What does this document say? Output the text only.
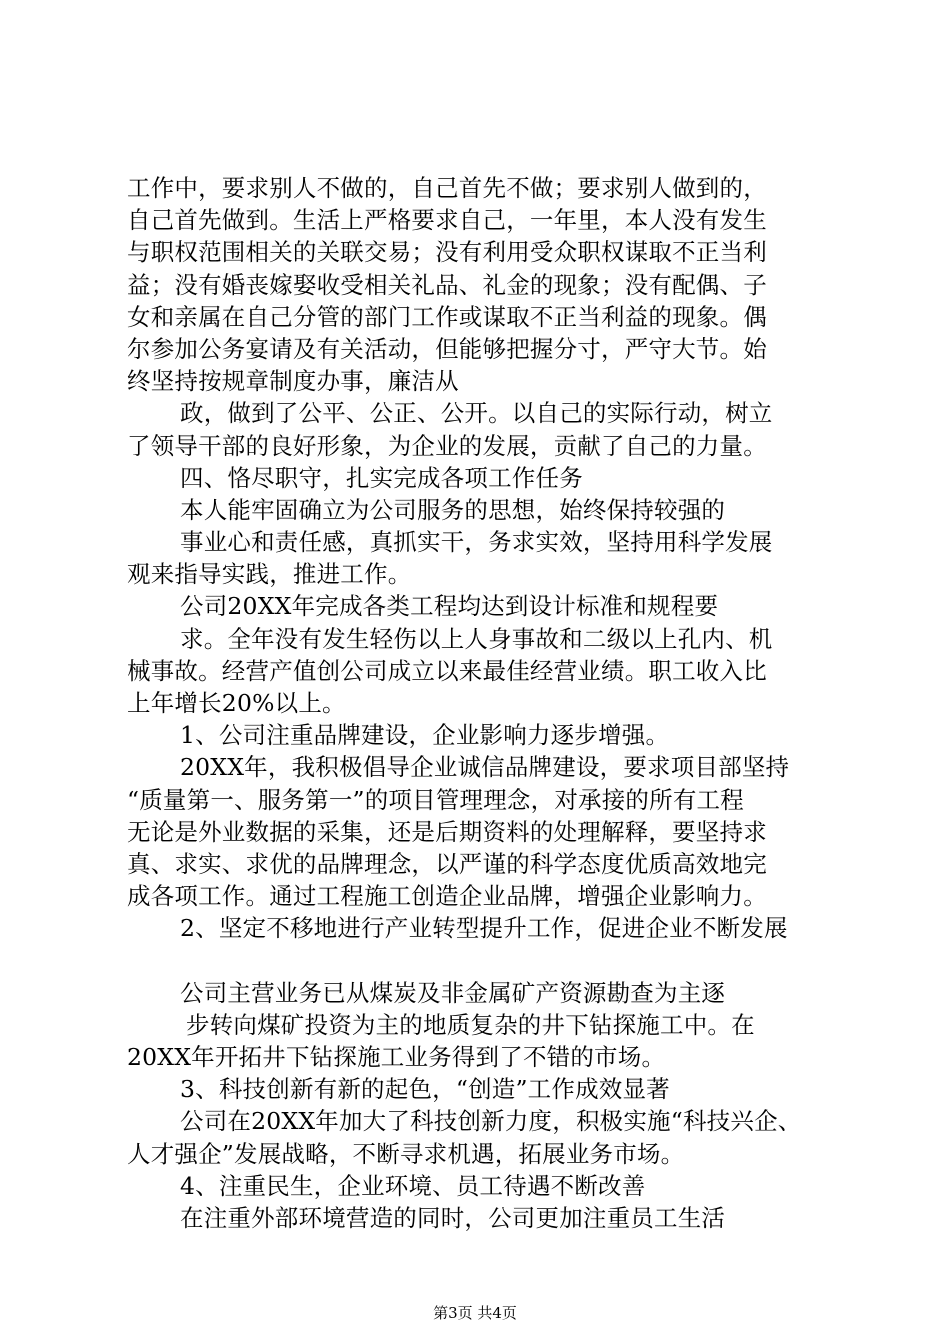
工作中，要求别人不做的，自己首先不做；要求别人做到的，
自己首先做到。生活上严格要求自己，一年里，本人没有发生
与职权范围相关的关联交易；没有利用受众职权谋取不正当利
益；没有婚丧嫁娶收受相关礼品、礼金的现象；没有配偶、子
女和亲属在自己分管的部门工作或谋取不正当利益的现象。偶
尔参加公务宴请及有关活动，但能够把握分寸，严守大节。始
终坚持按规章制度办事，廉洁从
政，做到了公平、公正、公开。以自己的实际行动，树立
了领导干部的良好形象，为企业的发展，贡献了自己的力量。
四、恪尽职守，扎实完成各项工作任务
本人能牢固确立为公司服务的思想，始终保持较强的
事业心和责任感，真抓实干，务求实效，坚持用科学发展
观来指导实践，推进工作。
公司20XX年完成各类工程均达到设计标准和规程要
求。全年没有发生轻伤以上人身事故和二级以上孔内、机
械事故。经营产值创公司成立以来最佳经营业绩。职工收入比
上年增长20%以上。
1、公司注重品牌建设，企业影响力逐步增强。
20XX年，我积极倡导企业诚信品牌建设，要求项目部坚持
“质量第一、服务第一”的项目管理理念，对承接的所有工程
无论是外业数据的采集，还是后期资料的处理解释，要坚持求
真、求实、求优的品牌理念，以严谨的科学态度优质高效地完
成各项工作。通过工程施工创造企业品牌，增强企业影响力。
2、坚定不移地进行产业转型提升工作，促进企业不断发展
公司主营业务已从煤炭及非金属矿产资源勘查为主逐
步转向煤矿投资为主的地质复杂的井下钻探施工中。在
20XX年开拓井下钻探施工业务得到了不错的市场。
3、科技创新有新的起色，“创造”工作成效显著
公司在20XX年加大了科技创新力度，积极实施“科技兴企、
人才强企”发展战略，不断寻求机遇，拓展业务市场。
4、注重民生，企业环境、员工待遇不断改善
在注重外部环境营造的同时，公司更加注重员工生活
第3页 共4页
